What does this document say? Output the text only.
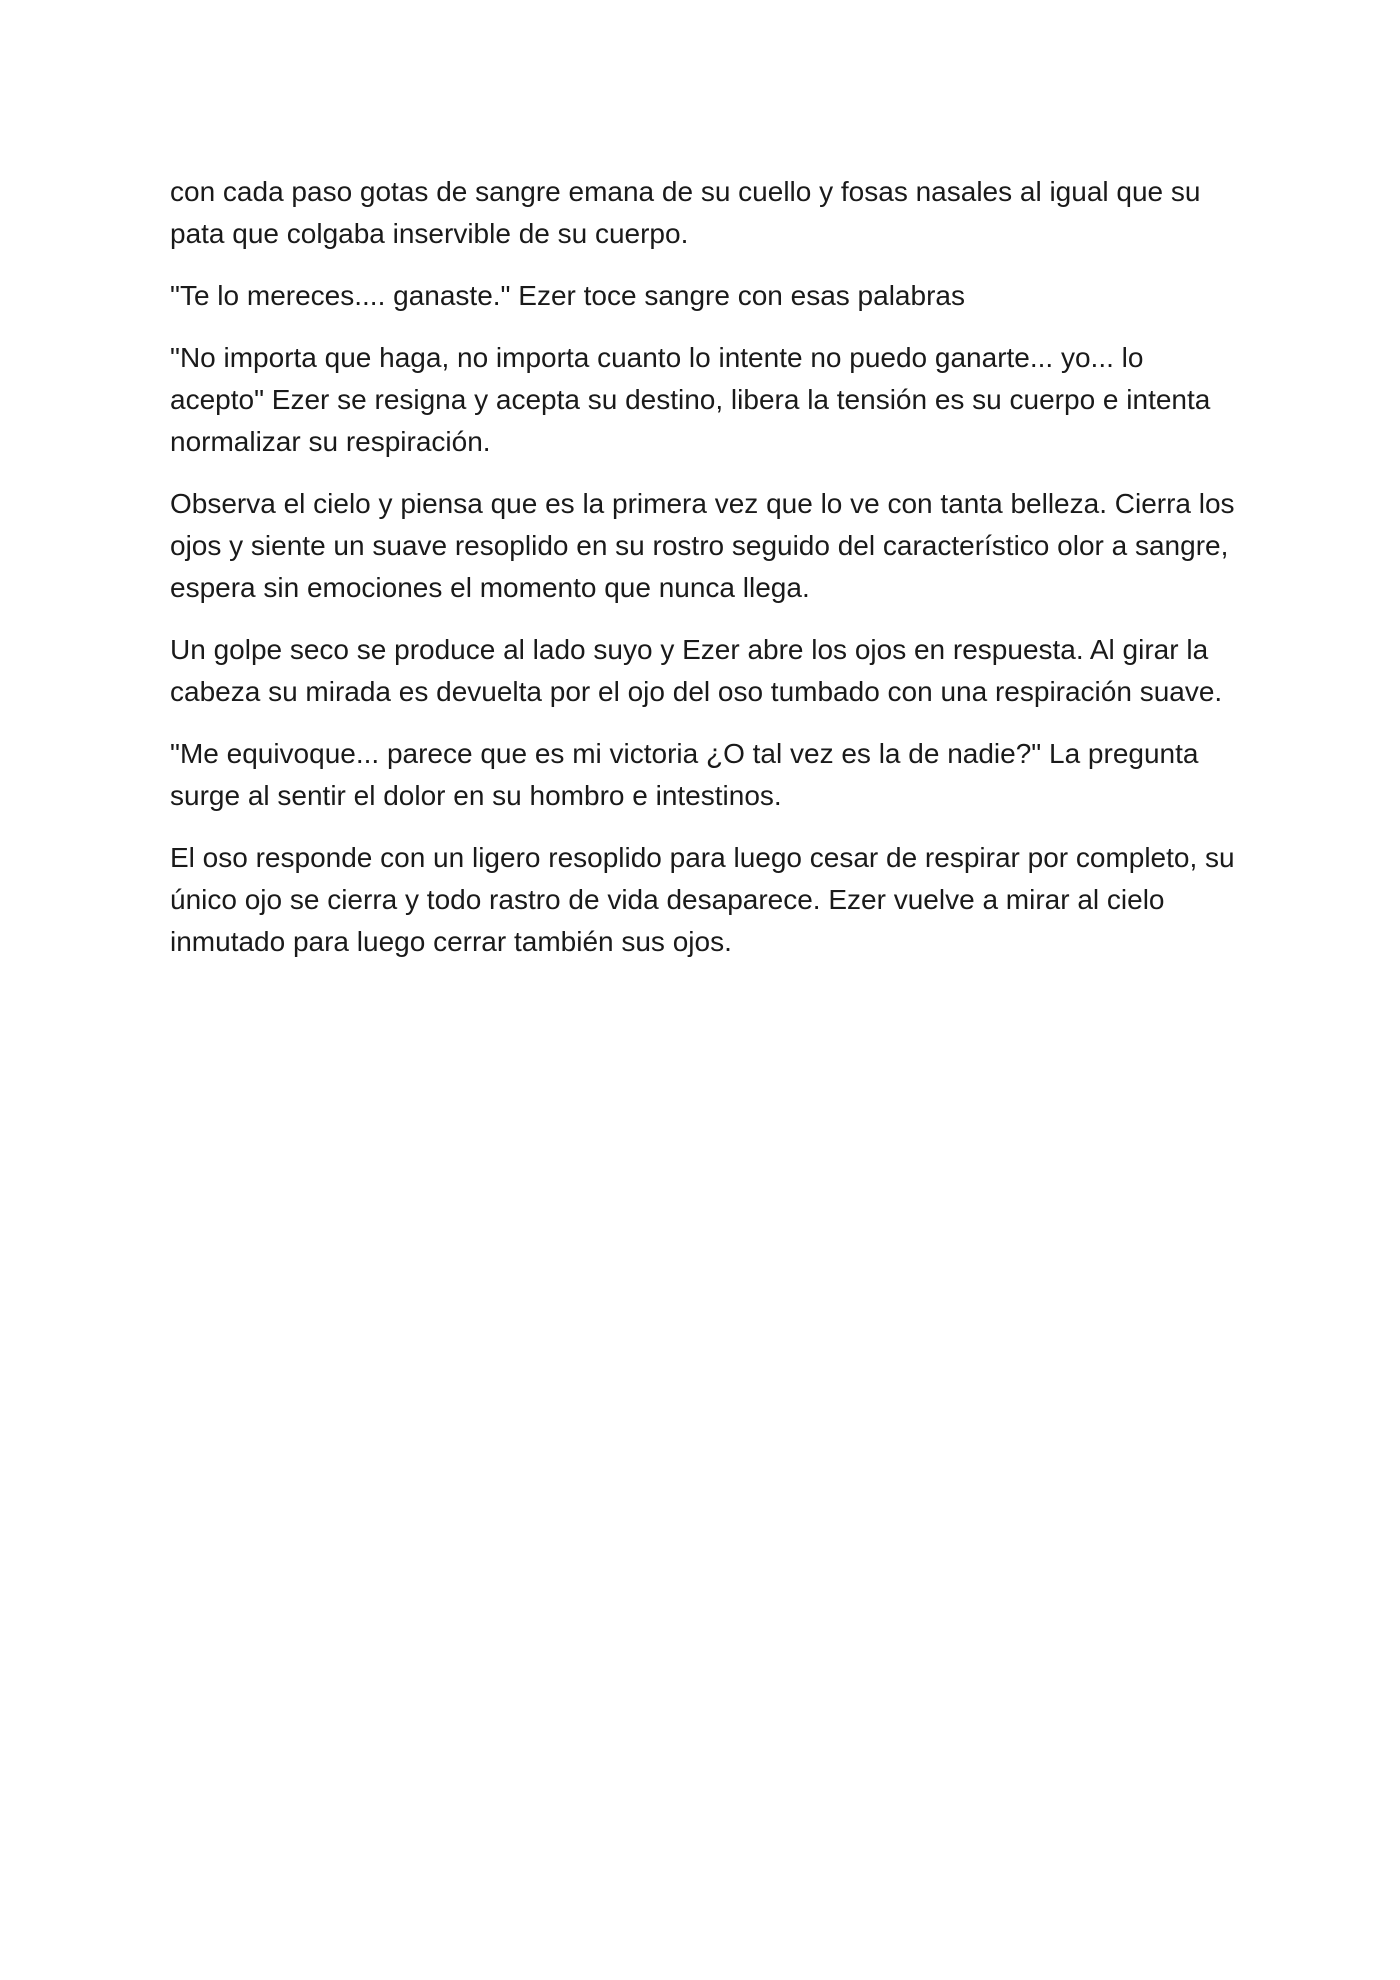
con cada paso gotas de sangre emana de su cuello y fosas nasales al igual que su pata que colgaba inservible de su cuerpo.

"Te lo mereces.... ganaste." Ezer toce sangre con esas palabras

"No importa que haga, no importa cuanto lo intente no puedo ganarte... yo... lo acepto" Ezer se resigna y acepta su destino, libera la tensión es su cuerpo e intenta normalizar su respiración.

Observa el cielo y piensa que es la primera vez que lo ve con tanta belleza. Cierra los ojos y siente un suave resoplido en su rostro seguido del característico olor a sangre, espera sin emociones el momento que nunca llega.

Un golpe seco se produce al lado suyo y Ezer abre los ojos en respuesta. Al girar la cabeza su mirada es devuelta por el ojo del oso tumbado con una respiración suave.

"Me equivoque... parece que es mi victoria ¿O tal vez es la de nadie?" La pregunta surge al sentir el dolor en su hombro e intestinos.

El oso responde con un ligero resoplido para luego cesar de respirar por completo, su único ojo se cierra y todo rastro de vida desaparece. Ezer vuelve a mirar al cielo inmutado para luego cerrar también sus ojos.
